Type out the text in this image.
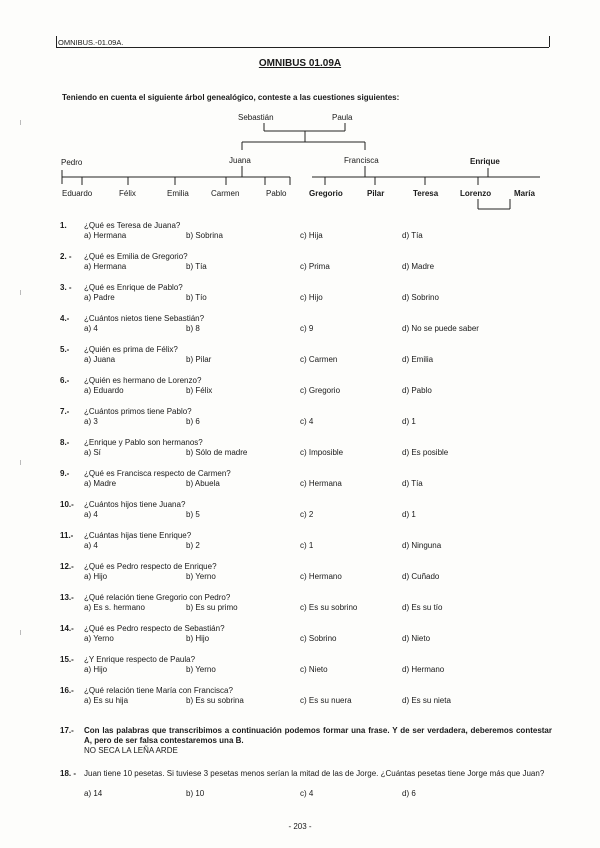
OMNIBUS.-01.09A.
OMNIBUS 01.09A
Teniendo en cuenta el siguiente árbol genealógico, conteste a las cuestiones siguientes:
Sebastián	Paula
Pedro	Juana	Francisca	Enrique
Eduardo	Félix	Emilia	Carmen	Pablo	Gregorio	Pilar	Teresa	Lorenzo	María
1. ¿Qué es Teresa de Juana?
a) Hermana	b) Sobrina	c) Hija	d) Tía
2. - ¿Qué es Emilia de Gregorio?
a) Hermana	b) Tía	c) Prima	d) Madre
3. - ¿Qué es Enrique de Pablo?
a) Padre	b) Tío	c) Hijo	d) Sobrino
4.- ¿Cuántos nietos tiene Sebastián?
a) 4	b) 8	c) 9	d) No se puede saber
5.- ¿Quién es prima de Félix?
a) Juana	b) Pilar	c) Carmen	d) Emilia
6.- ¿Quién es hermano de Lorenzo?
a) Eduardo	b) Félix	c) Gregorio	d) Pablo
7.- ¿Cuántos primos tiene Pablo?
a) 3	b) 6	c) 4	d) 1
8.- ¿Enrique y Pablo son hermanos?
a) Sí	b) Sólo de madre	c) Imposible	d) Es posible
9.- ¿Qué es Francisca respecto de Carmen?
a) Madre	b) Abuela	c) Hermana	d) Tía
10.- ¿Cuántos hijos tiene Juana?
a) 4	b) 5	c) 2	d) 1
11.- ¿Cuántas hijas tiene Enrique?
a) 4	b) 2	c) 1	d) Ninguna
12.- ¿Qué es Pedro respecto de Enrique?
a) Hijo	b) Yerno	c) Hermano	d) Cuñado
13.- ¿Qué relación tiene Gregorio con Pedro?
a) Es s. hermano	b) Es su primo	c) Es su sobrino	d) Es su tío
14.- ¿Qué es Pedro respecto de Sebastián?
a) Yerno	b) Hijo	c) Sobrino	d) Nieto
15.- ¿Y Enrique respecto de Paula?
a) Hijo	b) Yerno	c) Nieto	d) Hermano
16.- ¿Qué relación tiene María con Francisca?
a) Es su hija	b) Es su sobrina	c) Es su nuera	d) Es su nieta
17.- Con las palabras que transcribimos a continuación podemos formar una frase. Y de ser verdadera, deberemos contestar A, pero de ser falsa contestaremos una B.
NO SECA LA LEÑA ARDE
18. - Juan tiene 10 pesetas. Si tuviese 3 pesetas menos serían la mitad de las de Jorge. ¿Cuántas pesetas tiene Jorge más que Juan?
a) 14	b) 10	c) 4	d) 6
- 203 -
